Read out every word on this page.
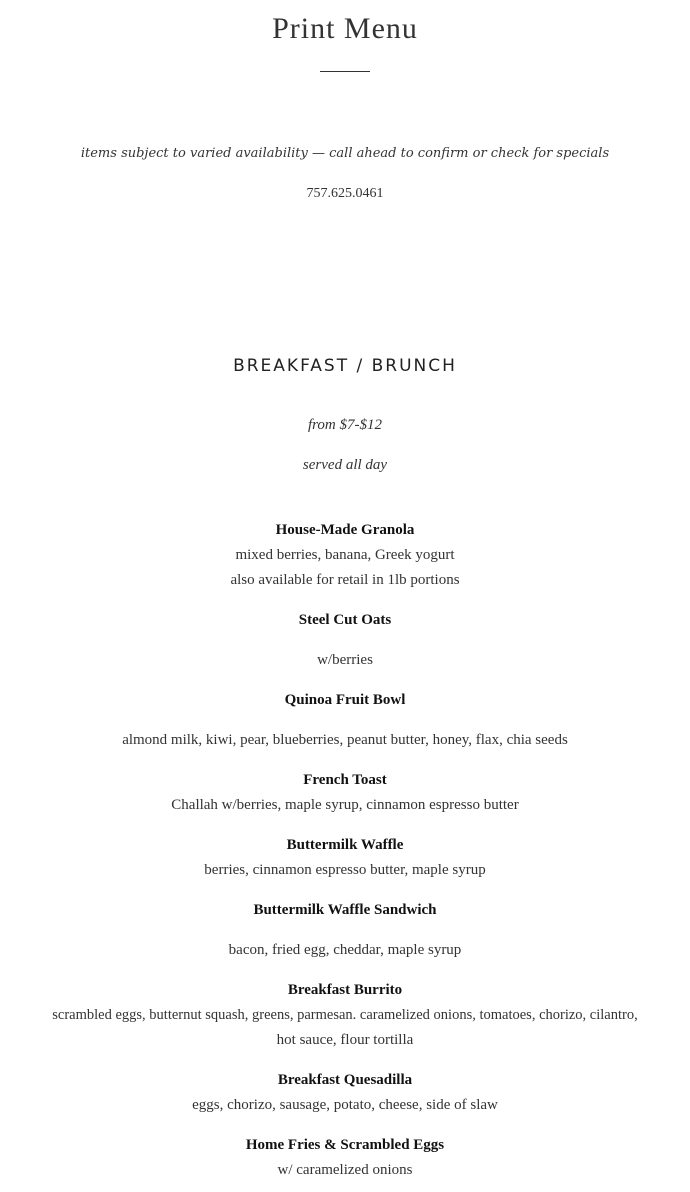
Print Menu
items subject to varied availability — call ahead to confirm or check for specials
757.625.0461
BREAKFAST / BRUNCH
from $7-$12
served all day
House-Made Granola
mixed berries, banana, Greek yogurt
also available for retail in 1lb portions
Steel Cut Oats
w/berries
Quinoa Fruit Bowl
almond milk, kiwi, pear, blueberries, peanut butter, honey, flax, chia seeds
French Toast
Challah w/berries, maple syrup, cinnamon espresso butter
Buttermilk Waffle
berries, cinnamon espresso butter, maple syrup
Buttermilk Waffle Sandwich
bacon, fried egg, cheddar, maple syrup
Breakfast Burrito
scrambled eggs, butternut squash, greens, parmesan. caramelized onions, tomatoes, chorizo, cilantro,
hot sauce, flour tortilla
Breakfast Quesadilla
eggs, chorizo, sausage, potato, cheese, side of slaw
Home Fries & Scrambled Eggs
w/ caramelized onions
